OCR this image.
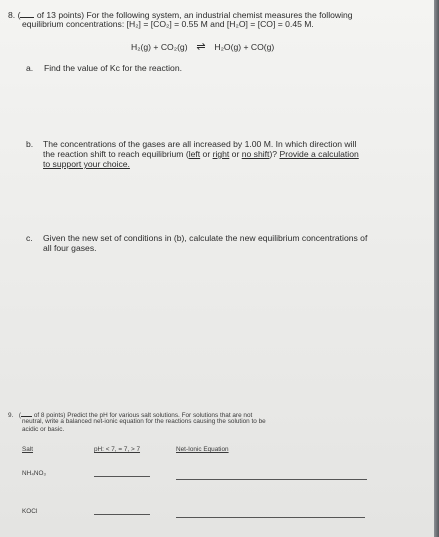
8. ( of 13 points) For the following system, an industrial chemist measures the following
equilibrium concentrations: [H₂] = [CO₂] = 0.55 M and [H₂O] = [CO] = 0.45 M.
H₂(g) + CO₂(g) ⇌ H₂O(g) + CO(g)
a. Find the value of Kc for the reaction.
b. The concentrations of the gases are all increased by 1.00 M. In which direction will
the reaction shift to reach equilibrium (left or right or no shift)? Provide a calculation
to support your choice.
c. Given the new set of conditions in (b), calculate the new equilibrium concentrations of
all four gases.
9. ( of 8 points) Predict the pH for various salt solutions. For solutions that are not
neutral, write a balanced net-ionic equation for the reactions causing the solution to be
acidic or basic.
Salt	pH: < 7, = 7, > 7	Net-Ionic Equation
NH₄NO₃
KOCl
